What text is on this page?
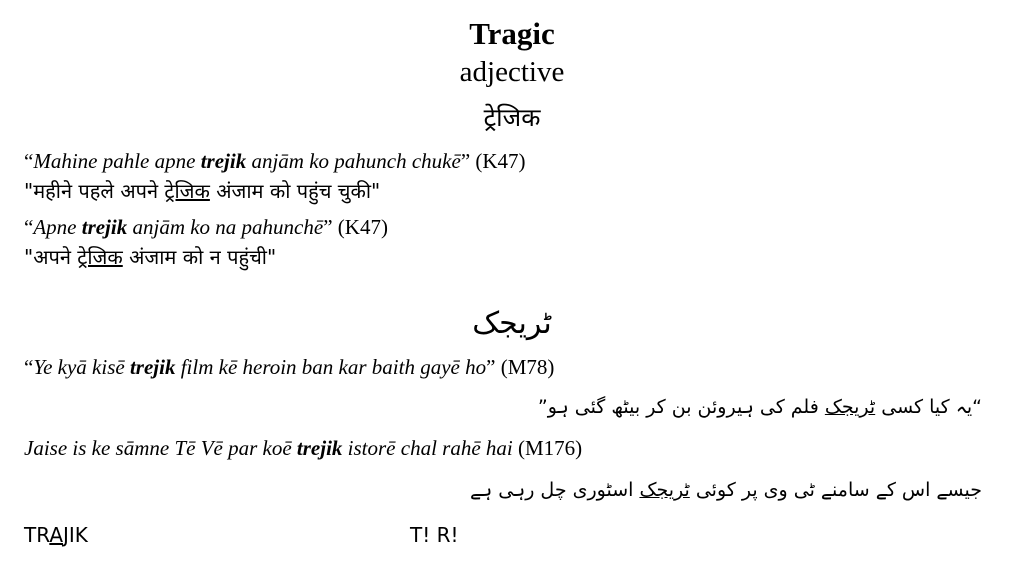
Tragic
adjective
ट्रेजिक
“Mahine pahle apne trejik anjām ko pahunch chukē” (K47)
"महीने पहले अपने ट्रेजिक अंजाम को पहुंच चुकी"
“Apne trejik anjām ko na pahunchē” (K47)
"अपने ट्रेजिक अंजाम को न पहुंची"
ٹریجک
“Ye kyā kisē trejik film kē heroin ban kar baith gayē ho” (M78)
“یہ کیا کسی ٹریجک فلم کی ہیروئن بن کر بیٹھ گئی ہو”
Jaise is ke sāmne Tē Vē par koē trejik istorē chal rahē hai (M176)
جیسے اس کے سامنے ٹی وی پر کوئی ٹریجک اسٹوری چل رہی ہے
TRAJIK	T! R!
